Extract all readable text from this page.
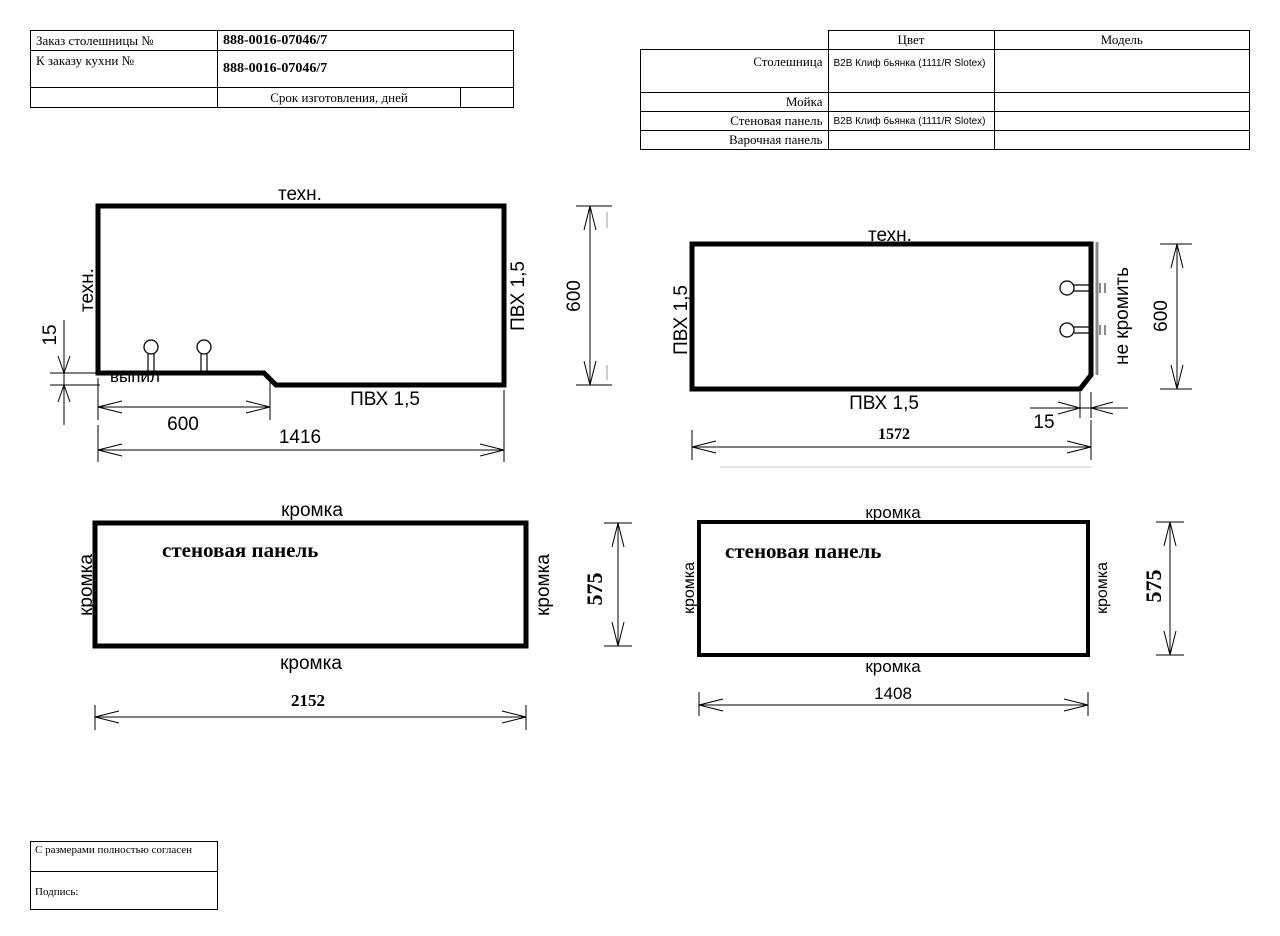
Заказ столешницы №	888-0016-07046/7	
К заказу кухни №	888-0016-07046/7	
	Срок изготовления, дней	
	Цвет	Модель
Столешница	B2B Клиф бьянка (1111/R Slotex)	
Мойка		
Стеновая панель	B2B Клиф бьянка (1111/R Slotex)	
Варочная панель		
техн.
техн.	ПВХ 1,5
ПВХ 1,5
выпил
15
600
1416
600
техн.
ПВХ 1,5	не кромить
ПВХ 1,5
15
1572
600
кромка
кромка
кромка	кромка
стеновая панель
2152
575
кромка
кромка
кромка	кромка
стеновая панель
1408
575
С размерами полностью согласен
Подпись:
